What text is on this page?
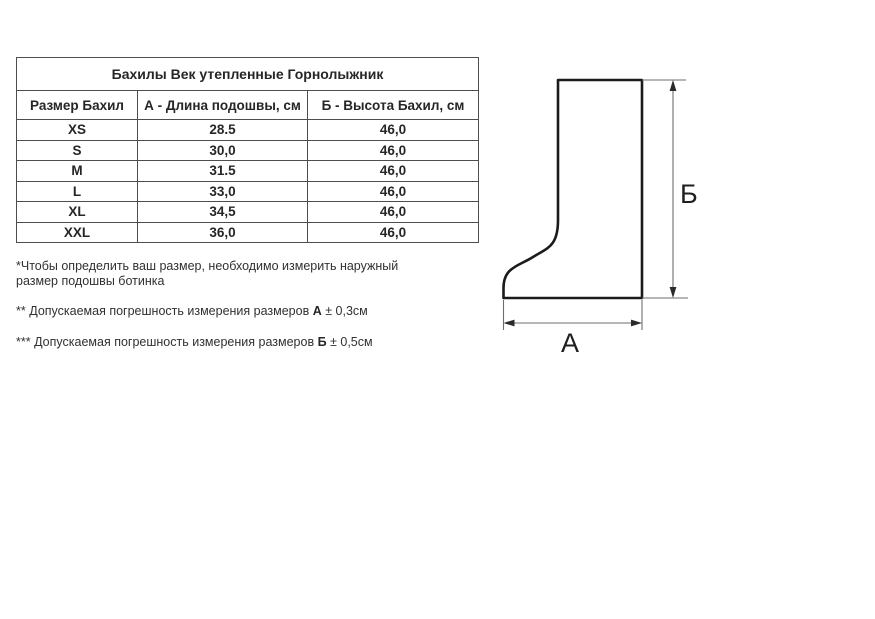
Бахилы Век утепленные Горнолыжник		
Размер Бахил	А - Длина подошвы, см	Б - Высота Бахил, см
XS	28.5	46,0
S	30,0	46,0
M	31.5	46,0
L	33,0	46,0
XL	34,5	46,0
XXL	36,0	46,0

*Чтобы определить ваш размер, необходимо измерить наружный размер подошвы ботинка

** Допускаемая погрешность измерения размеров А ± 0,3см

*** Допускаемая погрешность измерения размеров Б ± 0,5см

Б
А
